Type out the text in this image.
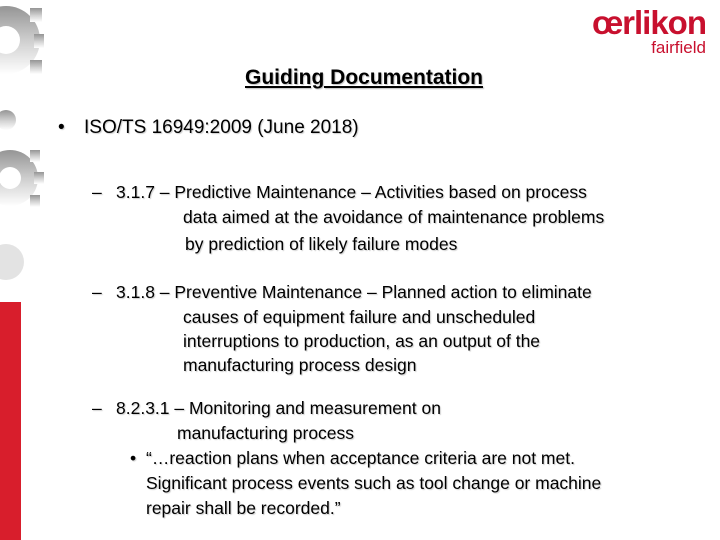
œrlikon
fairfield
Guiding Documentation
• ISO/TS 16949:2009 (June 2018)
– 3.1.7 – Predictive Maintenance – Activities based on process
data aimed at the avoidance of maintenance problems
by prediction of likely failure modes
– 3.1.8 – Preventive Maintenance – Planned action to eliminate
causes of equipment failure and unscheduled
interruptions to production, as an output of the
manufacturing process design
– 8.2.3.1 – Monitoring and measurement on
manufacturing process
• “…reaction plans when acceptance criteria are not met.
Significant process events such as tool change or machine
repair shall be recorded.”
